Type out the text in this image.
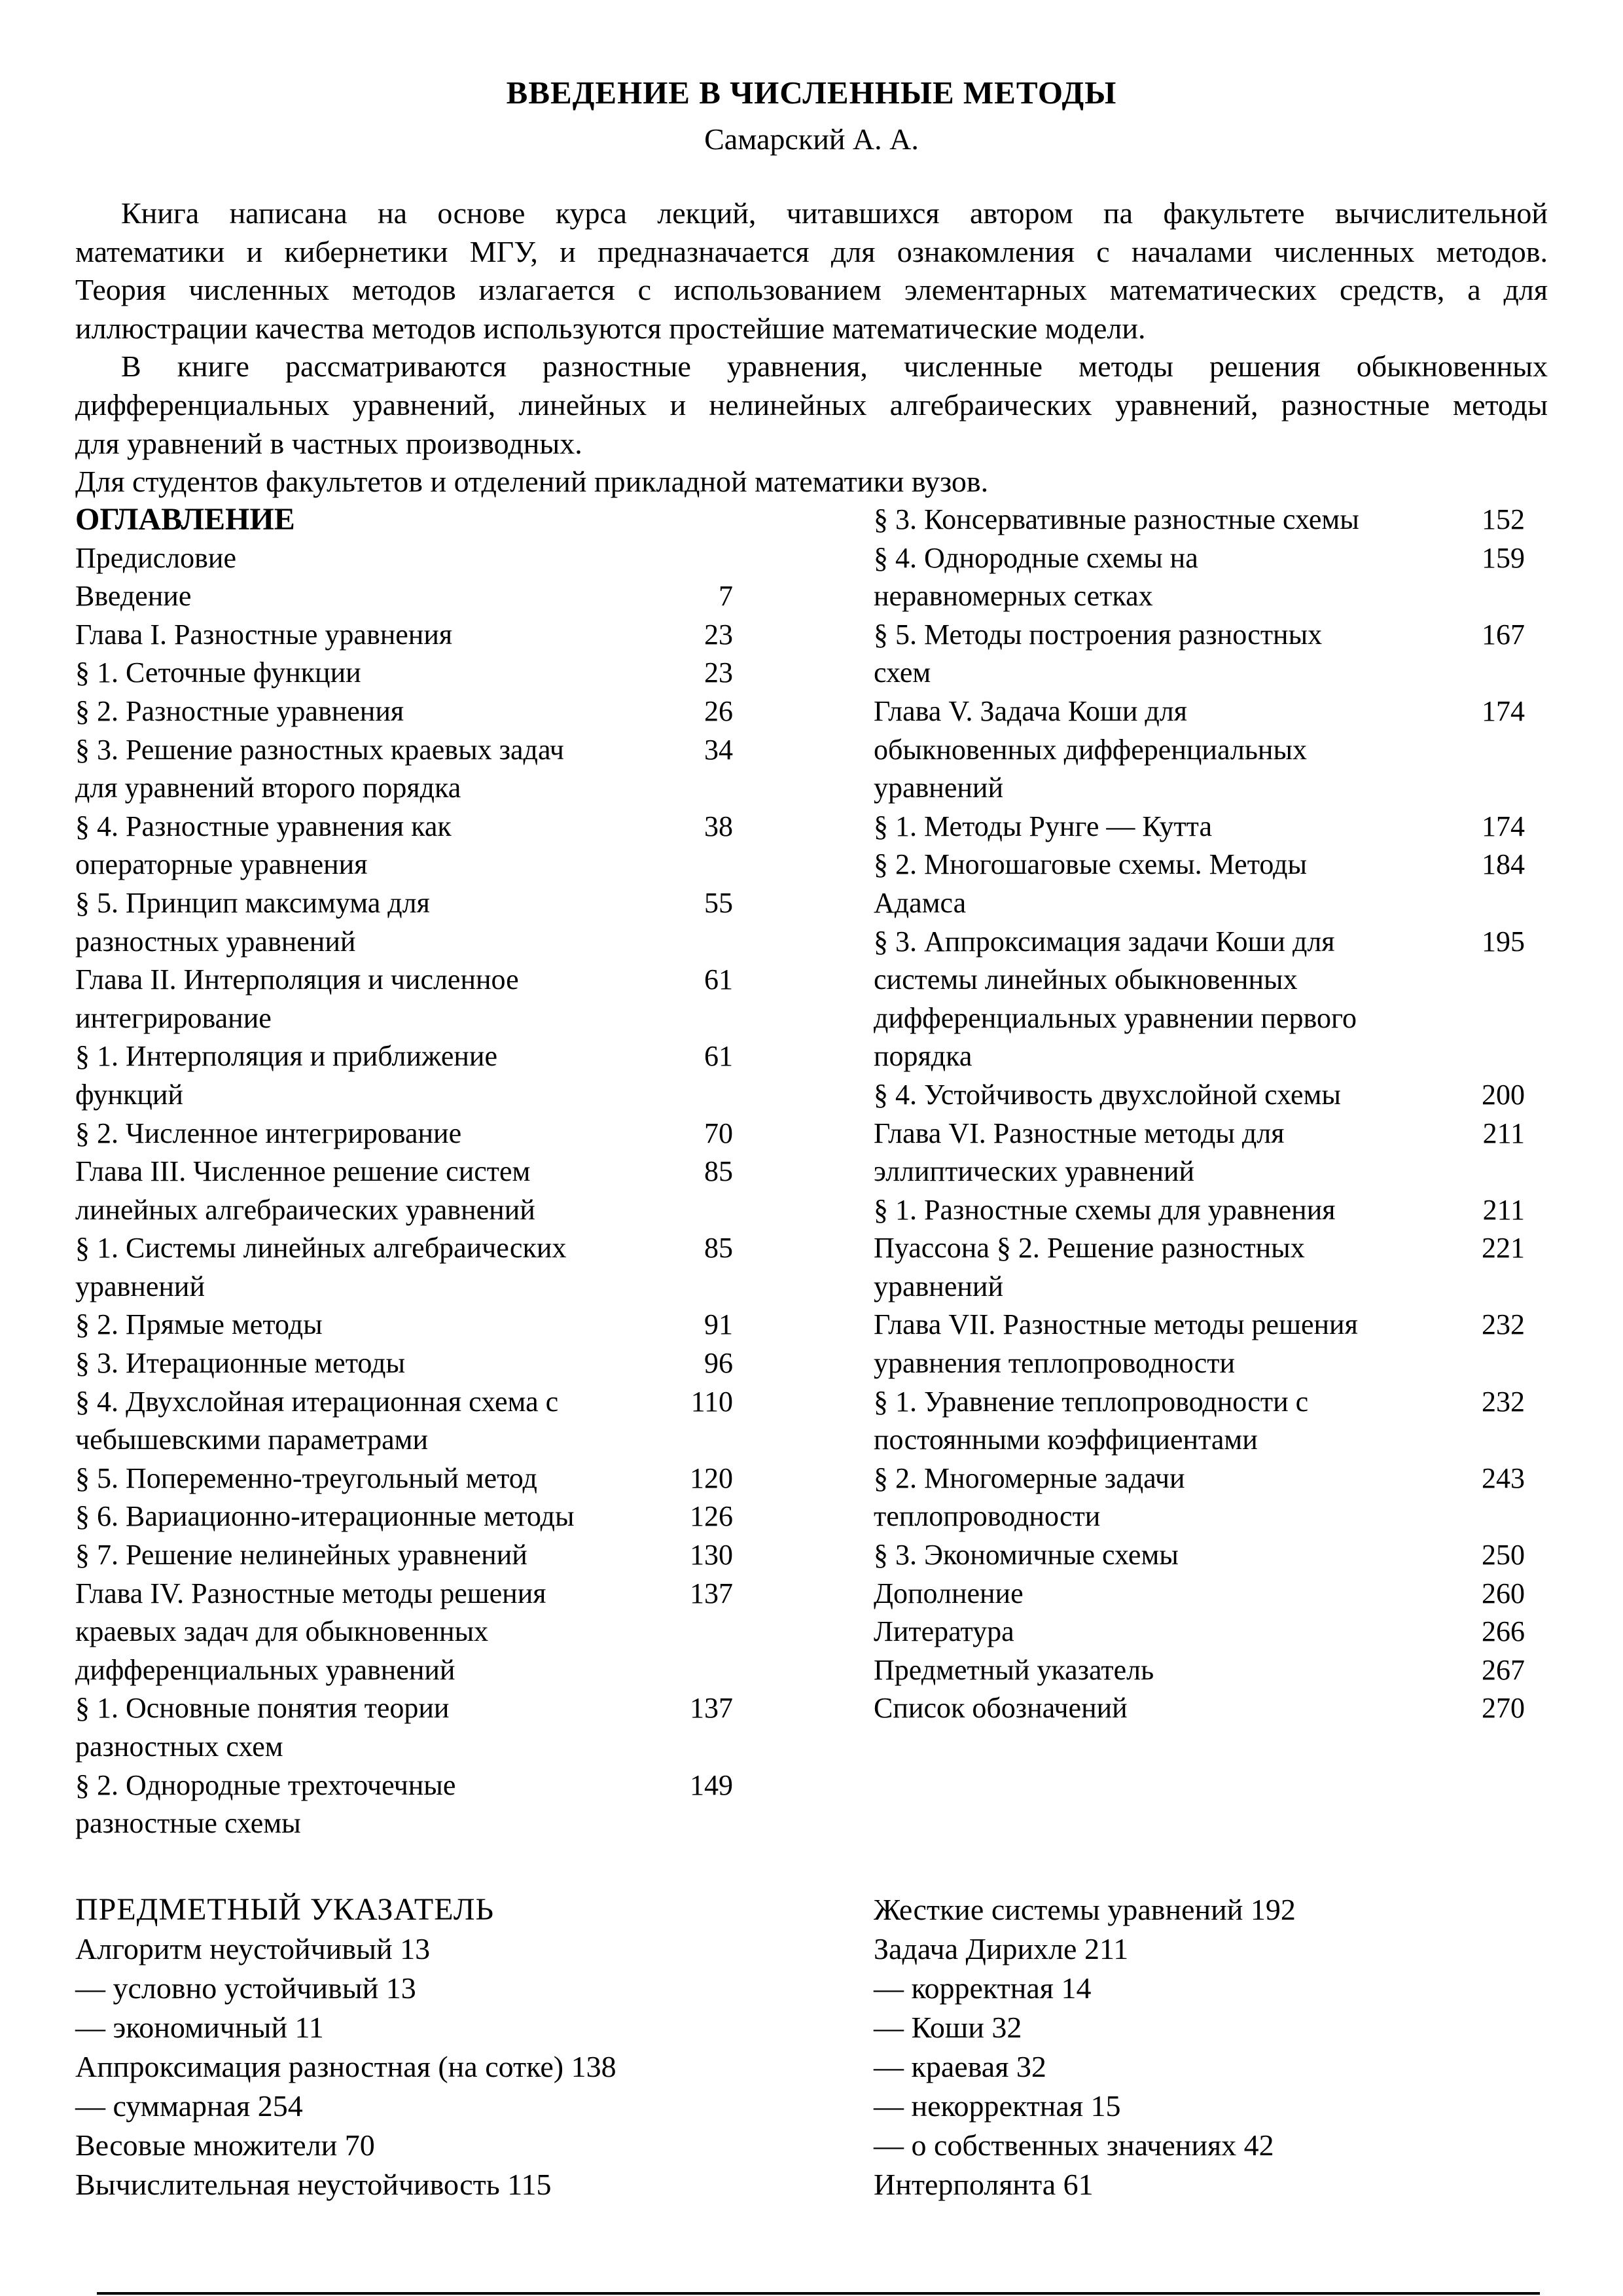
ВВЕДЕНИЕ В ЧИСЛЕННЫЕ МЕТОДЫ
Самарский А. А.
Книга написана на основе курса лекций, читавшихся автором па факультете вычислительной
математики и кибернетики МГУ, и предназначается для ознакомления с началами численных методов.
Теория численных методов излагается с использованием элементарных математических средств, а для
иллюстрации качества методов используются простейшие математические модели.
В книге рассматриваются разностные уравнения, численные методы решения обыкновенных
дифференциальных уравнений, линейных и нелинейных алгебраических уравнений, разностные методы
для уравнений в частных производных.
Для студентов факультетов и отделений прикладной математики вузов.
ОГЛАВЛЕНИЕ
Предисловие
Введение	7
Глава I. Разностные уравнения	23
§ 1. Сеточные функции	23
§ 2. Разностные уравнения	26
§ 3. Решение разностных краевых задач	34
для уравнений второго порядка
§ 4. Разностные уравнения как	38
операторные уравнения
§ 5. Принцип максимума для	55
разностных уравнений
Глава II. Интерполяция и численное	61
интегрирование
§ 1. Интерполяция и приближение	61
функций
§ 2. Численное интегрирование	70
Глава III. Численное решение систем	85
линейных алгебраических уравнений
§ 1. Системы линейных алгебраических	85
уравнений
§ 2. Прямые методы	91
§ 3. Итерационные методы	96
§ 4. Двухслойная итерационная схема с	110
чебышевскими параметрами
§ 5. Попеременно-треугольный метод	120
§ 6. Вариационно-итерационные методы	126
§ 7. Решение нелинейных уравнений	130
Глава IV. Разностные методы решения	137
краевых задач для обыкновенных
дифференциальных уравнений
§ 1. Основные понятия теории	137
разностных схем
§ 2. Однородные трехточечные	149
разностные схемы
§ 3. Консервативные разностные схемы	152
§ 4. Однородные схемы на	159
неравномерных сетках
§ 5. Методы построения разностных	167
схем
Глава V. Задача Коши для	174
обыкновенных дифференциальных
уравнений
§ 1. Методы Рунге — Кутта	174
§ 2. Многошаговые схемы. Методы	184
Адамса
§ 3. Аппроксимация задачи Коши для	195
системы линейных обыкновенных
дифференциальных уравнении первого
порядка
§ 4. Устойчивость двухслойной схемы	200
Глава VI. Разностные методы для	211
эллиптических уравнений
§ 1. Разностные схемы для уравнения	211
Пуассона § 2. Решение разностных	221
уравнений
Глава VII. Разностные методы решения	232
уравнения теплопроводности
§ 1. Уравнение теплопроводности с	232
постоянными коэффициентами
§ 2. Многомерные задачи	243
теплопроводности
§ 3. Экономичные схемы	250
Дополнение	260
Литература	266
Предметный указатель	267
Список обозначений	270
ПРЕДМЕТНЫЙ УКАЗАТЕЛЬ
Алгоритм неустойчивый 13
— условно устойчивый 13
— экономичный 11
Аппроксимация разностная (на сотке) 138
— суммарная 254
Весовые множители 70
Вычислительная неустойчивость 115
Жесткие системы уравнений 192
Задача Дирихле 211
— корректная 14
— Коши 32
— краевая 32
— некорректная 15
— о собственных значениях 42
Интерполянта 61
